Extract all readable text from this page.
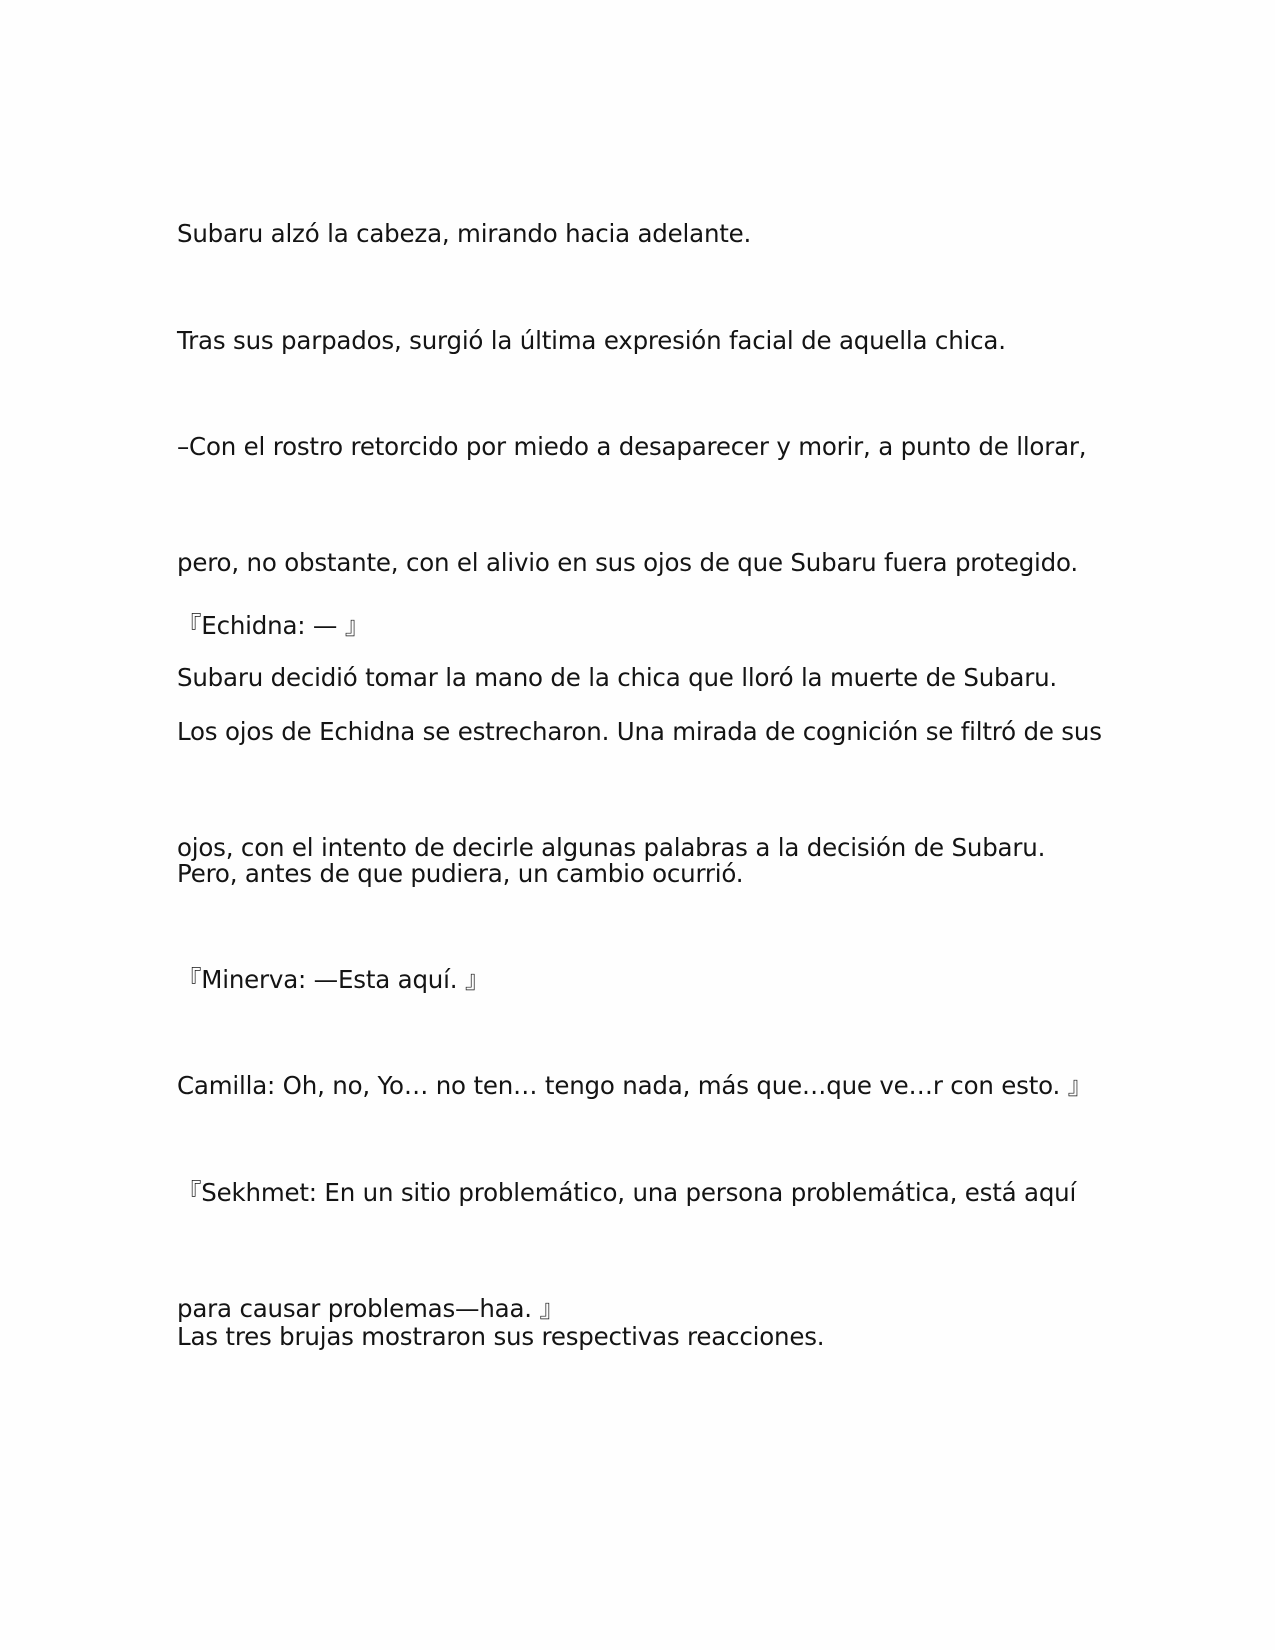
Subaru alzó la cabeza, mirando hacia adelante.

Tras sus parpados, surgió la última expresión facial de aquella chica.

–Con el rostro retorcido por miedo a desaparecer y morir, a punto de llorar,

pero, no obstante, con el alivio en sus ojos de que Subaru fuera protegido.

Subaru decidió tomar la mano de la chica que lloró la muerte de Subaru.

『Echidna: — 』

Los ojos de Echidna se estrecharon. Una mirada de cognición se filtró de sus

ojos, con el intento de decirle algunas palabras a la decisión de Subaru.

Pero, antes de que pudiera, un cambio ocurrió.

『Minerva: —Esta aquí. 』

Camilla: Oh, no, Yo… no ten… tengo nada, más que…que ve…r con esto. 』

『Sekhmet: En un sitio problemático, una persona problemática, está aquí

para causar problemas—haa. 』

Las tres brujas mostraron sus respectivas reacciones.
